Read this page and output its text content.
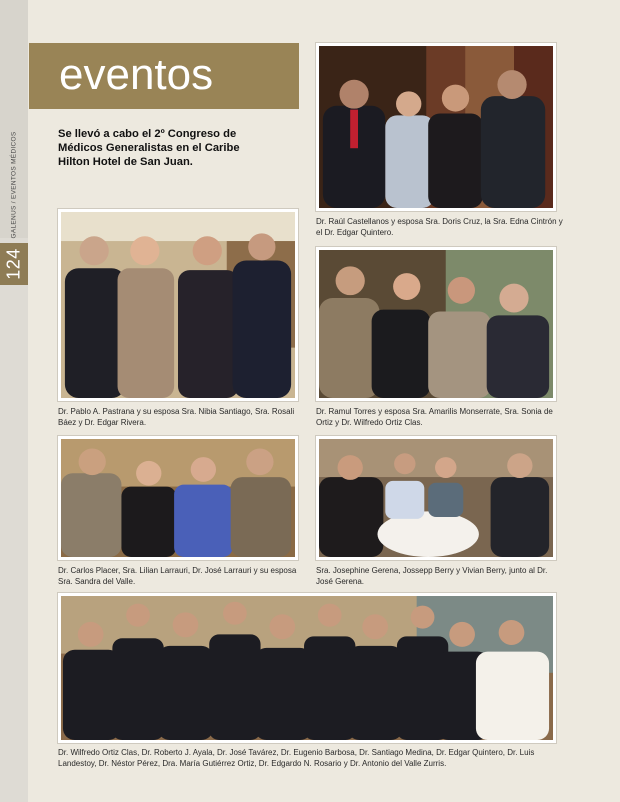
GALENUS / EVENTOS MÉDICOS
124
eventos
Se llevó a cabo el 2º Congreso de Médicos Generalistas en el Caribe Hilton Hotel de San Juan.
Dr. Raúl Castellanos y esposa Sra. Doris Cruz, la Sra. Edna Cintrón y el Dr. Edgar Quintero.
Dr. Pablo A. Pastrana y su esposa Sra. Nibia Santiago, Sra. Rosali Báez y Dr. Edgar Rivera.
Dr. Ramul Torres y esposa Sra. Amarilis Monserrate, Sra. Sonia de Ortiz y Dr. Wilfredo Ortiz Clas.
Dr. Carlos Placer, Sra. Lilian Larrauri, Dr. José Larrauri y su esposa Sra. Sandra del Valle.
Sra. Josephine Gerena, Jossepp Berry y Vivian Berry, junto al Dr. José Gerena.
Dr. Wilfredo Ortiz Clas, Dr. Roberto J. Ayala, Dr. José Tavárez, Dr. Eugenio Barbosa, Dr. Santiago Medina, Dr. Edgar Quintero, Dr. Luis Landestoy, Dr. Néstor Pérez, Dra. María Gutiérrez Ortiz, Dr. Edgardo N. Rosario y Dr. Antonio del Valle Zurris.
